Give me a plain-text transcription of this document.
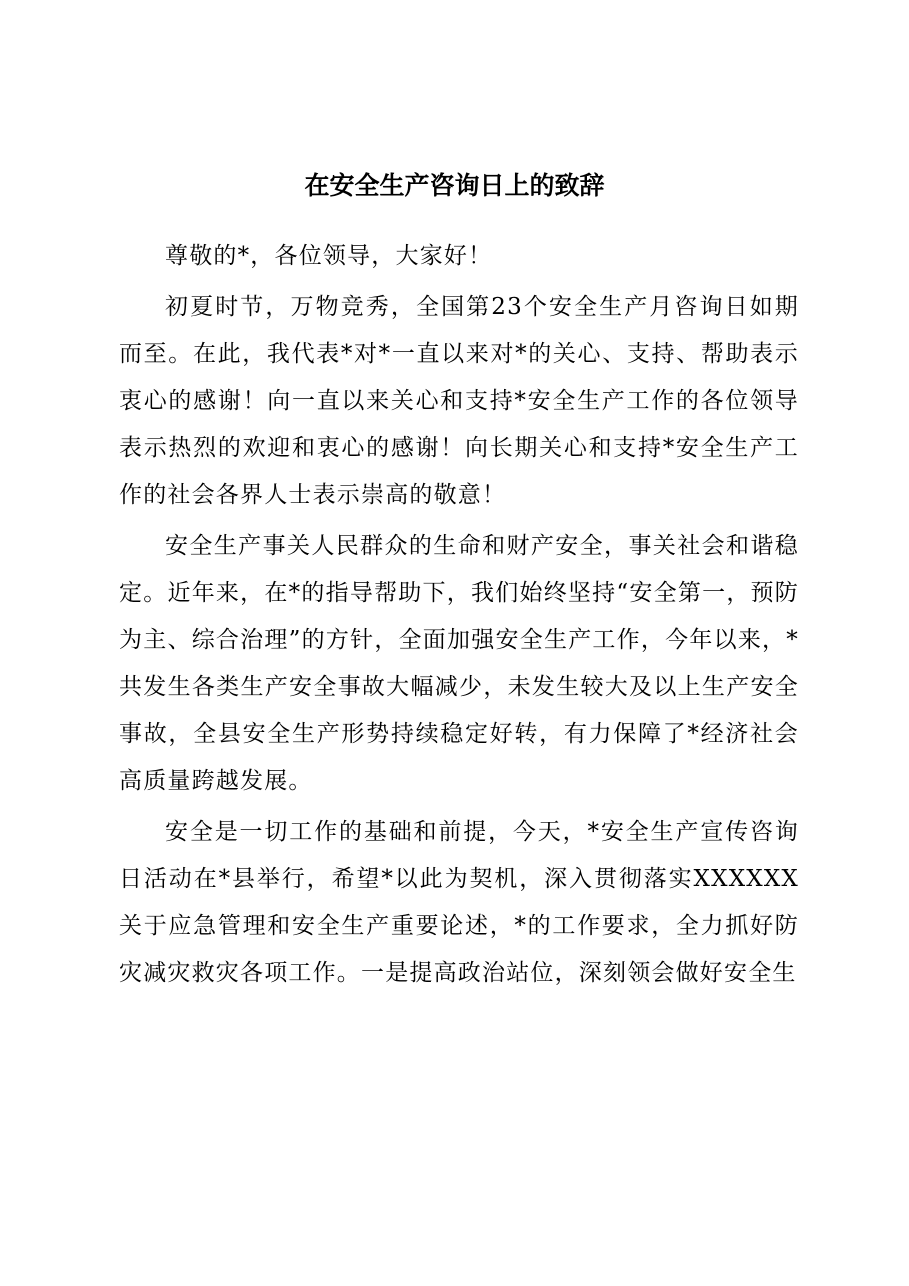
在安全生产咨询日上的致辞

尊敬的*，各位领导，大家好！

初夏时节，万物竞秀，全国第23个安全生产月咨询日如期而至。在此，我代表*对*一直以来对*的关心、支持、帮助表示衷心的感谢！向一直以来关心和支持*安全生产工作的各位领导表示热烈的欢迎和衷心的感谢！向长期关心和支持*安全生产工作的社会各界人士表示崇高的敬意！

安全生产事关人民群众的生命和财产安全，事关社会和谐稳定。近年来，在*的指导帮助下，我们始终坚持“安全第一，预防为主、综合治理”的方针，全面加强安全生产工作，今年以来，*共发生各类生产安全事故大幅减少，未发生较大及以上生产安全事故，全县安全生产形势持续稳定好转，有力保障了*经济社会高质量跨越发展。

安全是一切工作的基础和前提，今天，*安全生产宣传咨询日活动在*县举行，希望*以此为契机，深入贯彻落实XXXXXX关于应急管理和安全生产重要论述，*的工作要求，全力抓好防灾减灾救灾各项工作。一是提高政治站位，深刻领会做好安全生
